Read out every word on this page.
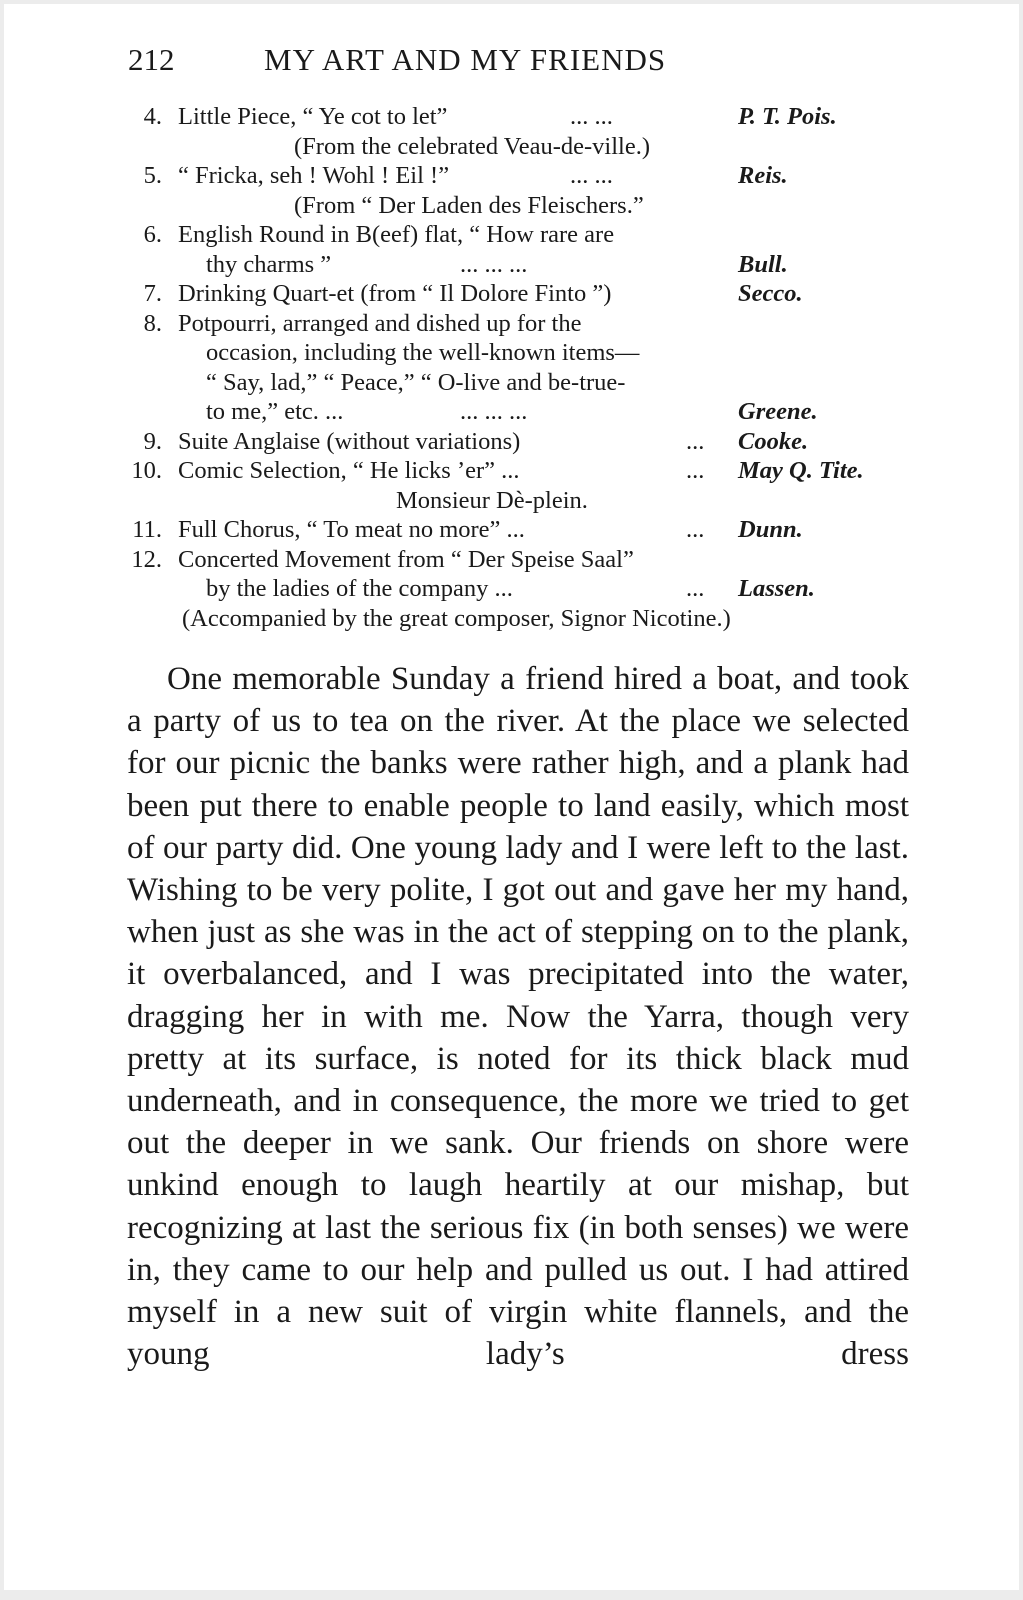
212	MY ART AND MY FRIENDS
4. Little Piece, “ Ye cot to let”	... ...	P. T. Pois.
(From the celebrated Veau-de-ville.)
5. “ Fricka, seh ! Wohl ! Eil !”	... ...	Reis.
(From “ Der Laden des Fleischers.”
6. English Round in B(eef) flat, “ How rare are
thy charms ”	... ... ...	Bull.
7. Drinking Quart-et (from “ Il Dolore Finto ”)	Secco.
8. Potpourri, arranged and dished up for the
occasion, including the well-known items—
“ Say, lad,” “ Peace,” “ O-live and be-true-
to me,” etc. ...	... ... ...	Greene.
9. Suite Anglaise (without variations)	... Cooke.
10. Comic Selection, “ He licks ’er” ...	... May Q. Tite.
Monsieur Dè-plein.
11. Full Chorus, “ To meat no more” ...	... Dunn.
12. Concerted Movement from “ Der Speise Saal”
by the ladies of the company ...	... Lassen.
(Accompanied by the great composer, Signor Nicotine.)

One memorable Sunday a friend hired a boat, and took a party of us to tea on the river. At the place we selected for our picnic the banks were rather high, and a plank had been put there to enable people to land easily, which most of our party did. One young lady and I were left to the last. Wishing to be very polite, I got out and gave her my hand, when just as she was in the act of stepping on to the plank, it overbalanced, and I was precipitated into the water, dragging her in with me. Now the Yarra, though very pretty at its surface, is noted for its thick black mud underneath, and in consequence, the more we tried to get out the deeper in we sank. Our friends on shore were unkind enough to laugh heartily at our mishap, but recognizing at last the serious fix (in both senses) we were in, they came to our help and pulled us out. I had attired myself in a new suit of virgin white flannels, and the young lady’s dress
